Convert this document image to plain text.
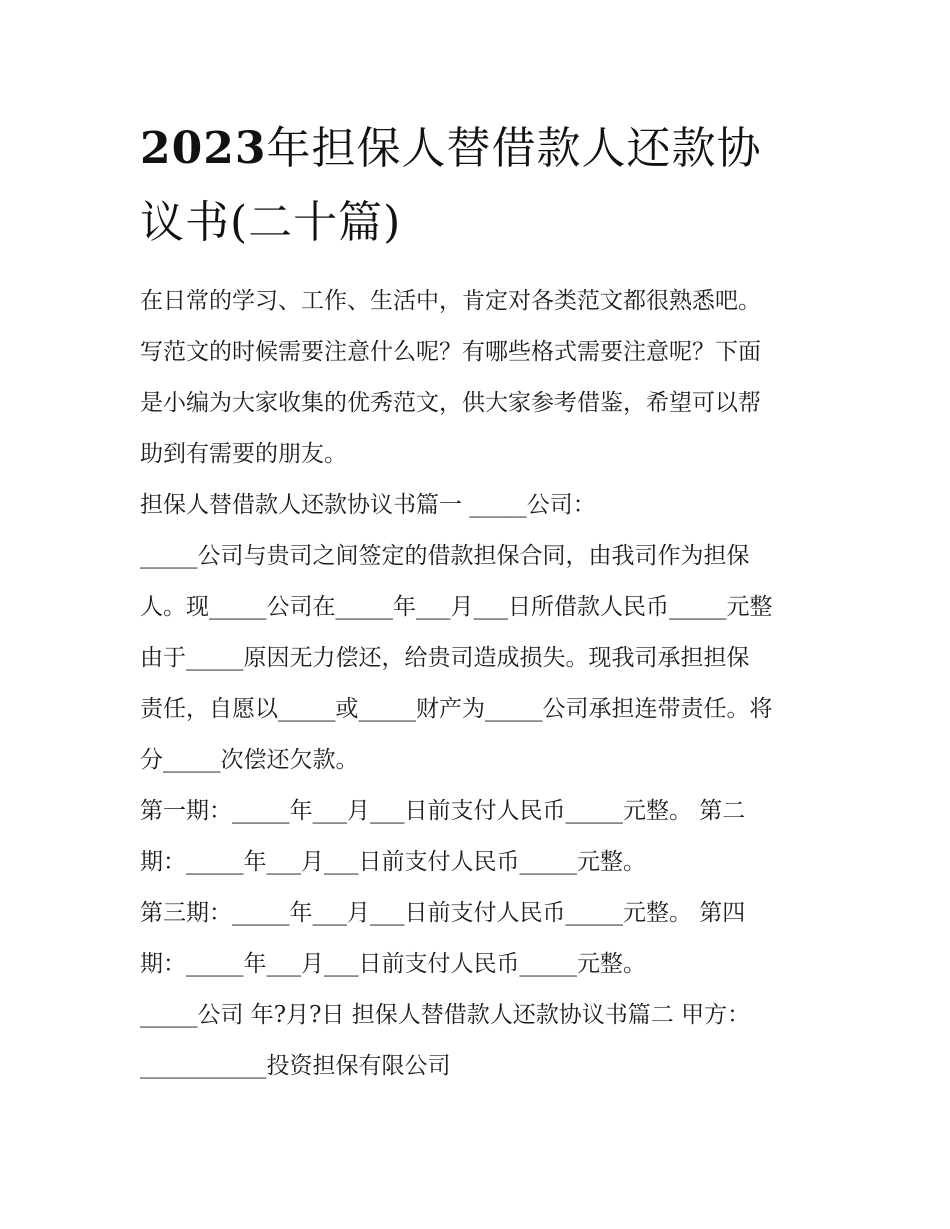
2023年担保人替借款人还款协
议书(二十篇)
在日常的学习、工作、生活中，肯定对各类范文都很熟悉吧。
写范文的时候需要注意什么呢？有哪些格式需要注意呢？下面
是小编为大家收集的优秀范文，供大家参考借鉴，希望可以帮
助到有需要的朋友。
担保人替借款人还款协议书篇一 _____公司：
_____公司与贵司之间签定的借款担保合同，由我司作为担保
人。现_____公司在_____年___月___日所借款人民币_____元整
由于_____原因无力偿还，给贵司造成损失。现我司承担担保
责任，自愿以_____或_____财产为_____公司承担连带责任。将
分_____次偿还欠款。
第一期：_____年___月___日前支付人民币_____元整。 第二
期：_____年___月___日前支付人民币_____元整。
第三期：_____年___月___日前支付人民币_____元整。 第四
期：_____年___月___日前支付人民币_____元整。
_____公司 年?月?日 担保人替借款人还款协议书篇二 甲方：
___________投资担保有限公司
